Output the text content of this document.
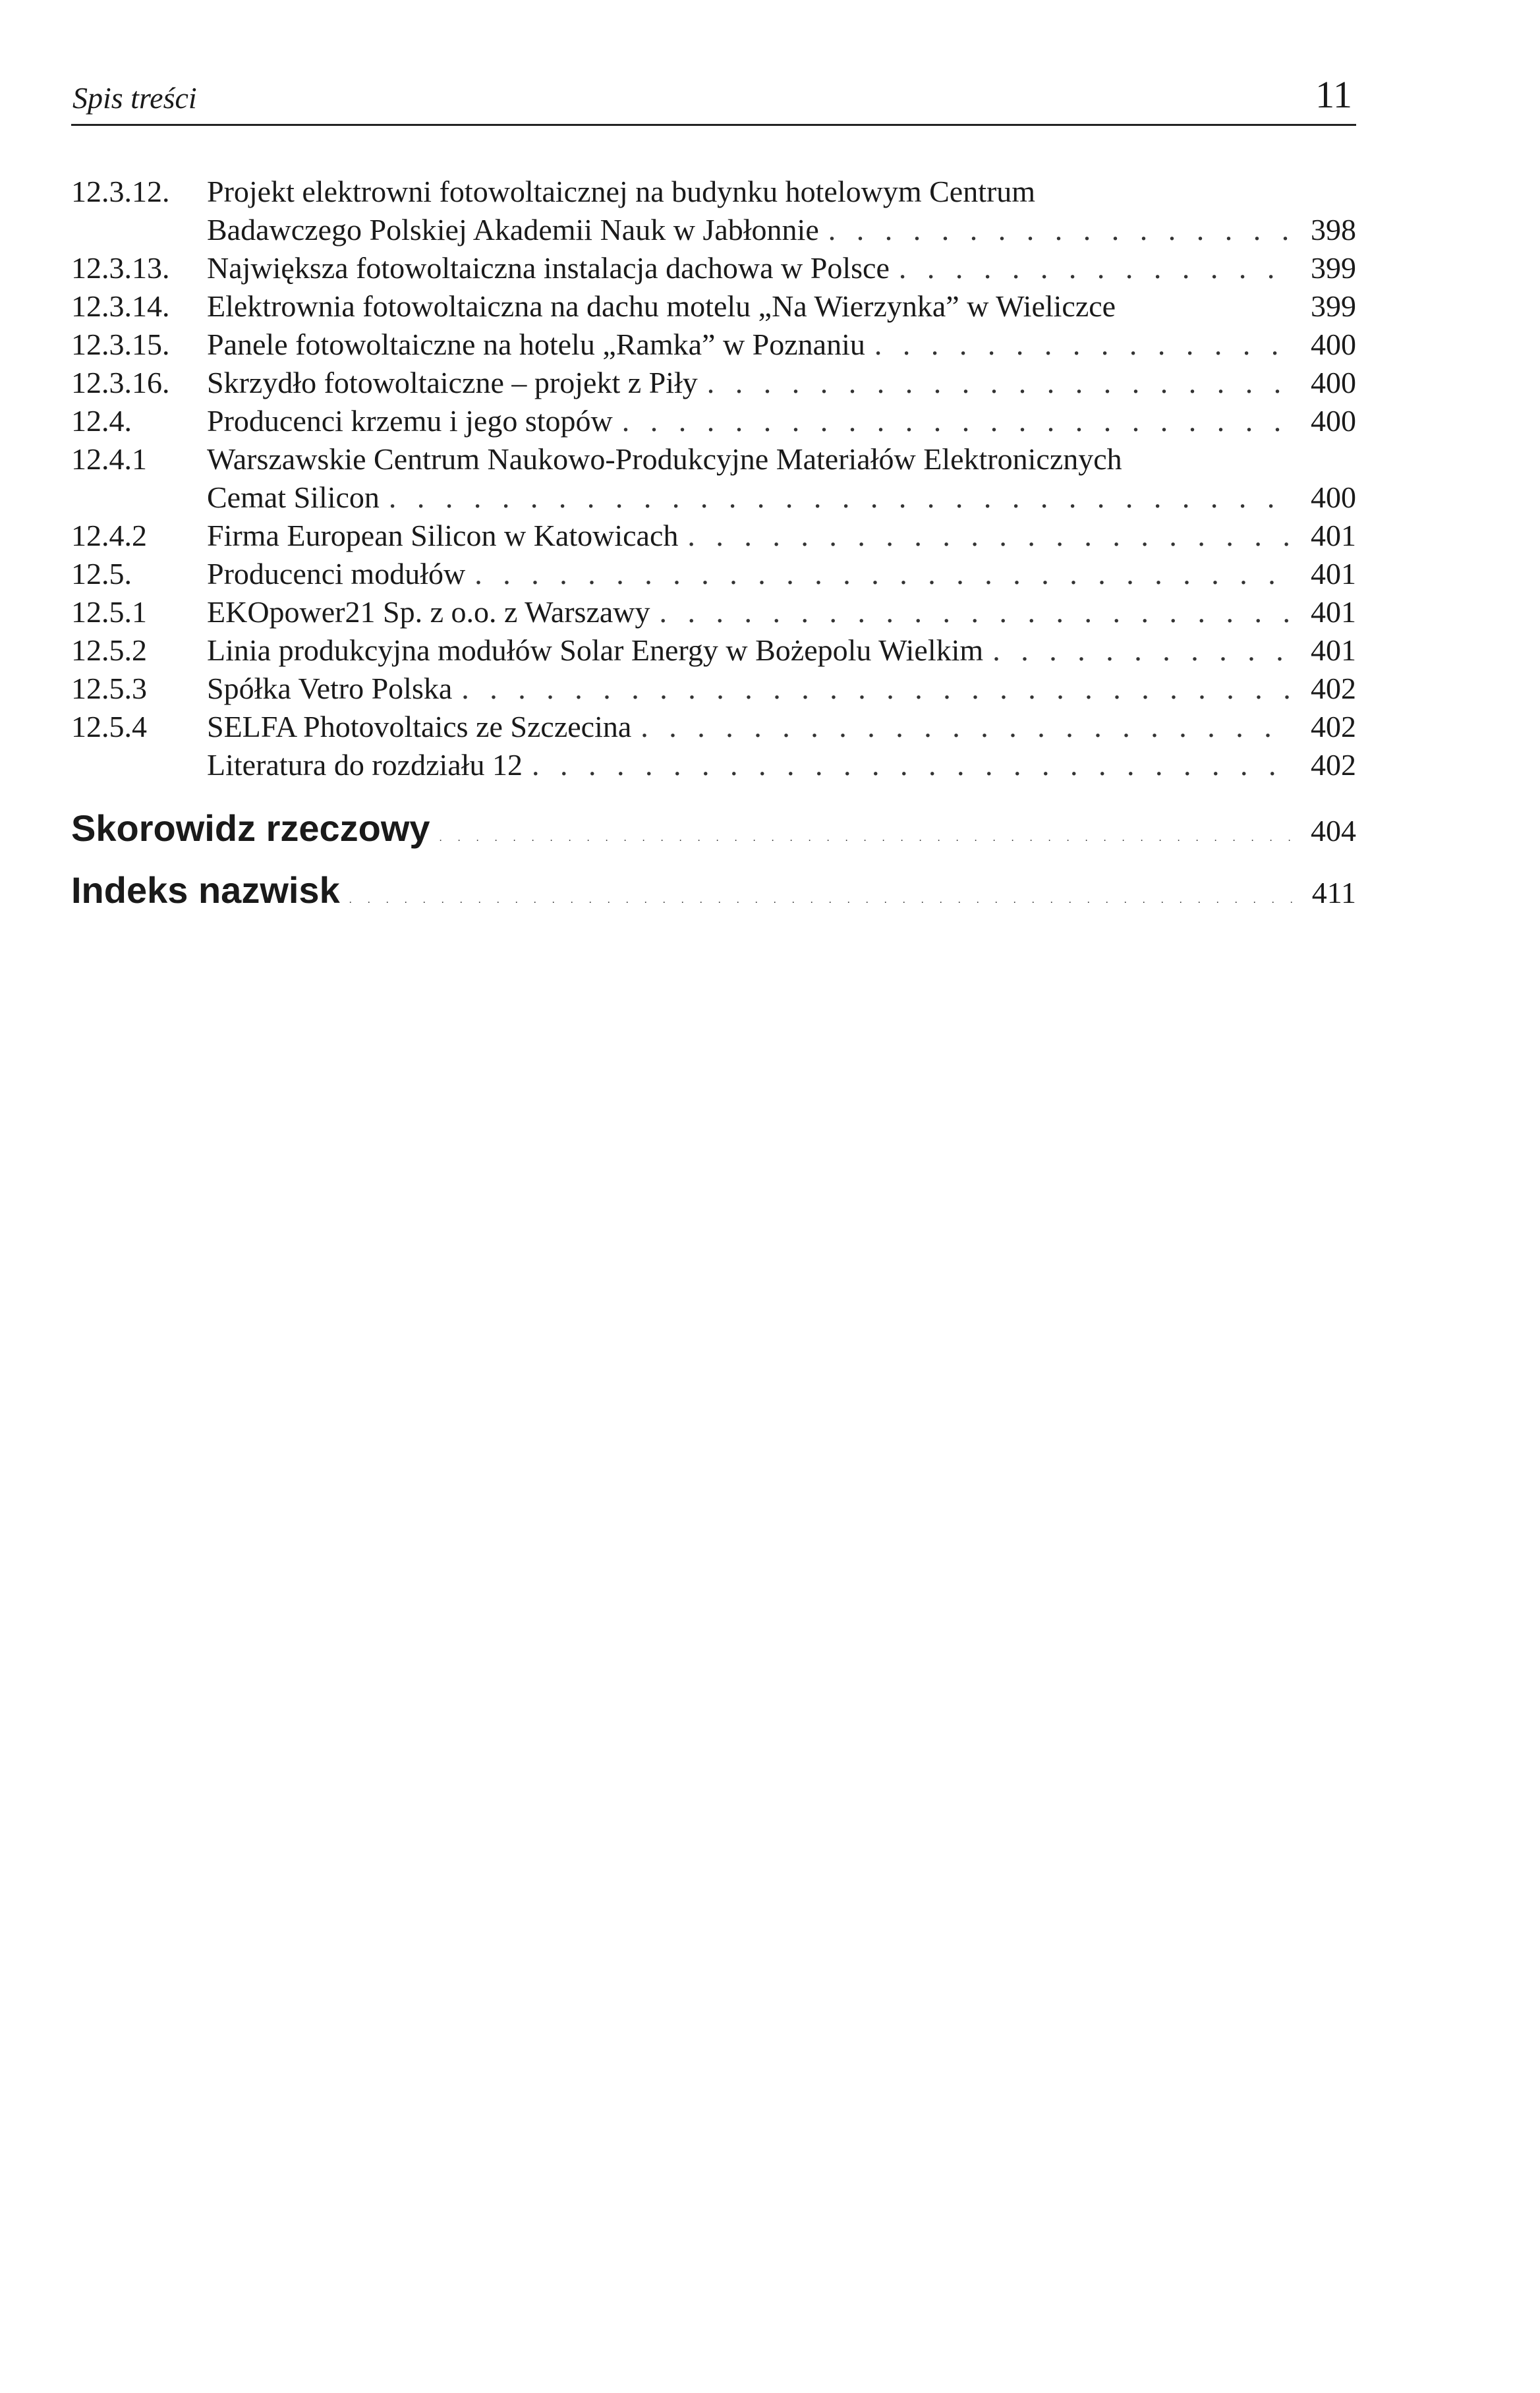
Spis treści	11
12.3.12.	Projekt elektrowni fotowoltaicznej na budynku hotelowym Centrum
Badawczego Polskiej Akademii Nauk w Jabłonnie . . .	398
12.3.13.	Największa fotowoltaiczna instalacja dachowa w Polsce . . .	399
12.3.14.	Elektrownia fotowoltaiczna na dachu motelu „Na Wierzynka” w Wieliczce	399
12.3.15.	Panele fotowoltaiczne na hotelu „Ramka” w Poznaniu . . .	400
12.3.16.	Skrzydło fotowoltaiczne – projekt z Piły . . .	400
12.4.	Producenci krzemu i jego stopów . . .	400
12.4.1	Warszawskie Centrum Naukowo-Produkcyjne Materiałów Elektronicznych
Cemat Silicon . . .	400
12.4.2	Firma European Silicon w Katowicach . . .	401
12.5.	Producenci modułów . . .	401
12.5.1	EKOpower21 Sp. z o.o. z Warszawy . . .	401
12.5.2	Linia produkcyjna modułów Solar Energy w Bożepolu Wielkim . . .	401
12.5.3	Spółka Vetro Polska . . .	402
12.5.4	SELFA Photovoltaics ze Szczecina . . .	402
Literatura do rozdziału 12 . . .	402
Skorowidz rzeczowy . . .	404
Indeks nazwisk . . .	411
